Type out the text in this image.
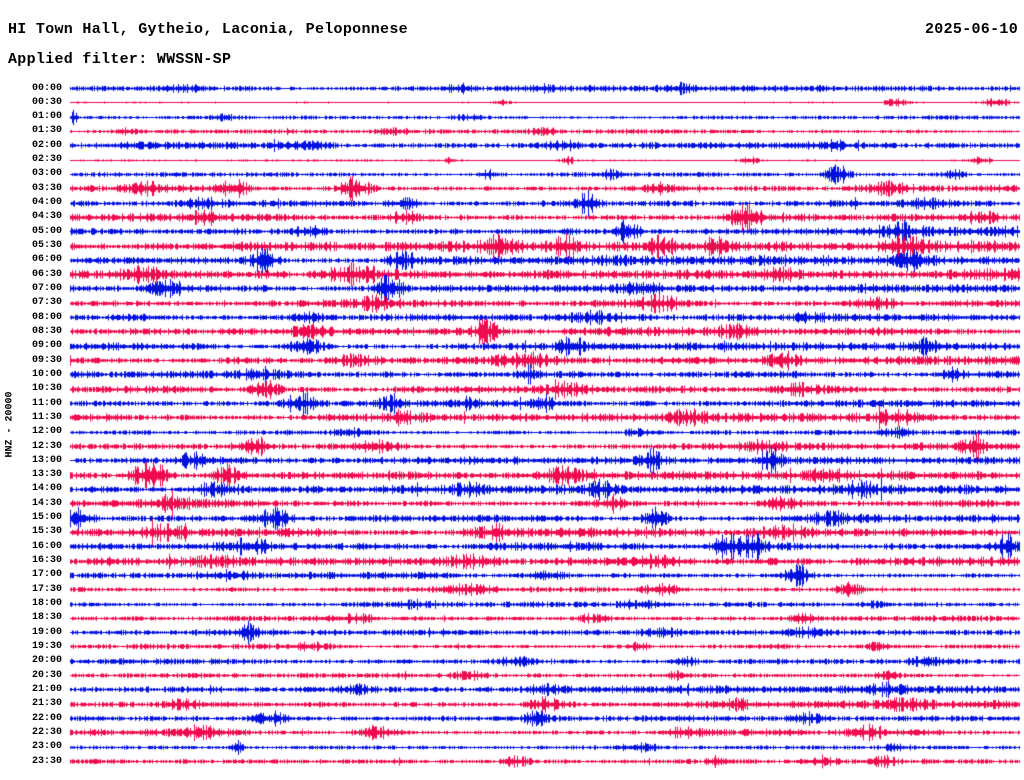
HI Town Hall, Gytheio, Laconia, Peloponnese	2025-06-10
Applied filter: WWSSN-SP
HNZ - 20000
00:00
00:30
01:00
01:30
02:00
02:30
03:00
03:30
04:00
04:30
05:00
05:30
06:00
06:30
07:00
07:30
08:00
08:30
09:00
09:30
10:00
10:30
11:00
11:30
12:00
12:30
13:00
13:30
14:00
14:30
15:00
15:30
16:00
16:30
17:00
17:30
18:00
18:30
19:00
19:30
20:00
20:30
21:00
21:30
22:00
22:30
23:00
23:30
